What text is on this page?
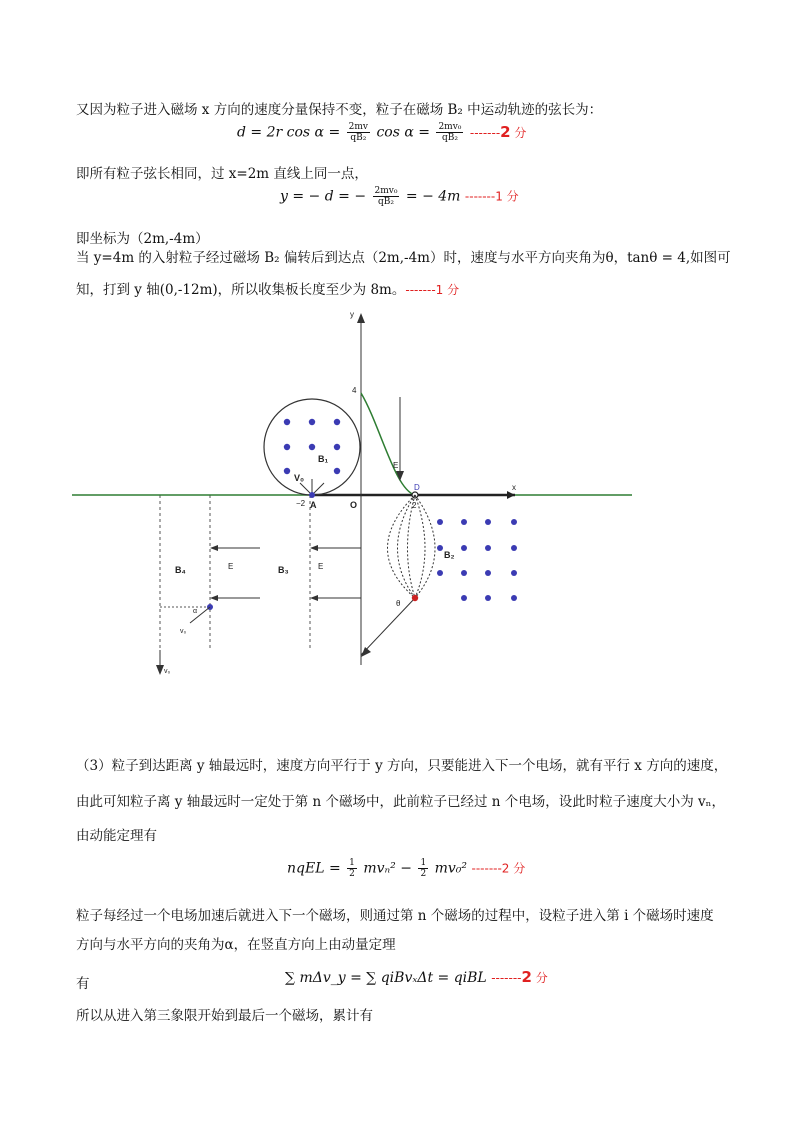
又因为粒子进入磁场 x 方向的速度分量保持不变，粒子在磁场 B₂ 中运动轨迹的弦长为：
d = 2r $\cos \alpha = \frac{2mv}{\text{qB₂}}$ $\cos \alpha = \frac{\text{2mv₀}}{\text{qB₂}} -------2$ 分
即所有粒子弦长相同，过 x=2m 直线上同一点，
y = − d = − $\frac{\text{2mv₀}}{\text{qB₂}}$ = − 4m -------1 分
即坐标为（2m,-4m）
当 y=4m 的入射粒子经过磁场 B₂ 偏转后到达点（2m,-4m）时，速度与水平方向夹角为θ，tanθ = 4,如图可
知，打到 y 轴(0,-12m)，所以收集板长度至少为 8m。-------1 分
y
x
4
O
−2 A
D
2
B₁
V₀
E
B₂
B₄	E	B₃	E
θ
α
v₀
v₀
（3）粒子到达距离 y 轴最远时，速度方向平行于 y 方向，只要能进入下一个电场，就有平行 x 方向的速度，
由此可知粒子离 y 轴最远时一定处于第 n 个磁场中，此前粒子已经过 n 个电场，设此时粒子速度大小为 vₙ，
由动能定理有
nqEL = $\frac{1}{2} mv_n^2 - \frac{1}{2} mv_0^2$ -------2 分
粒子每经过一个电场加速后就进入下一个磁场，则通过第 n 个磁场的过程中，设粒子进入第 i 个磁场时速度
方向与水平方向的夹角为α，在竖直方向上由动量定理
有	∑ mΔv_y = ∑ qiBvₓΔt = qiBL -------2 分
所以从进入第三象限开始到最后一个磁场，累计有
